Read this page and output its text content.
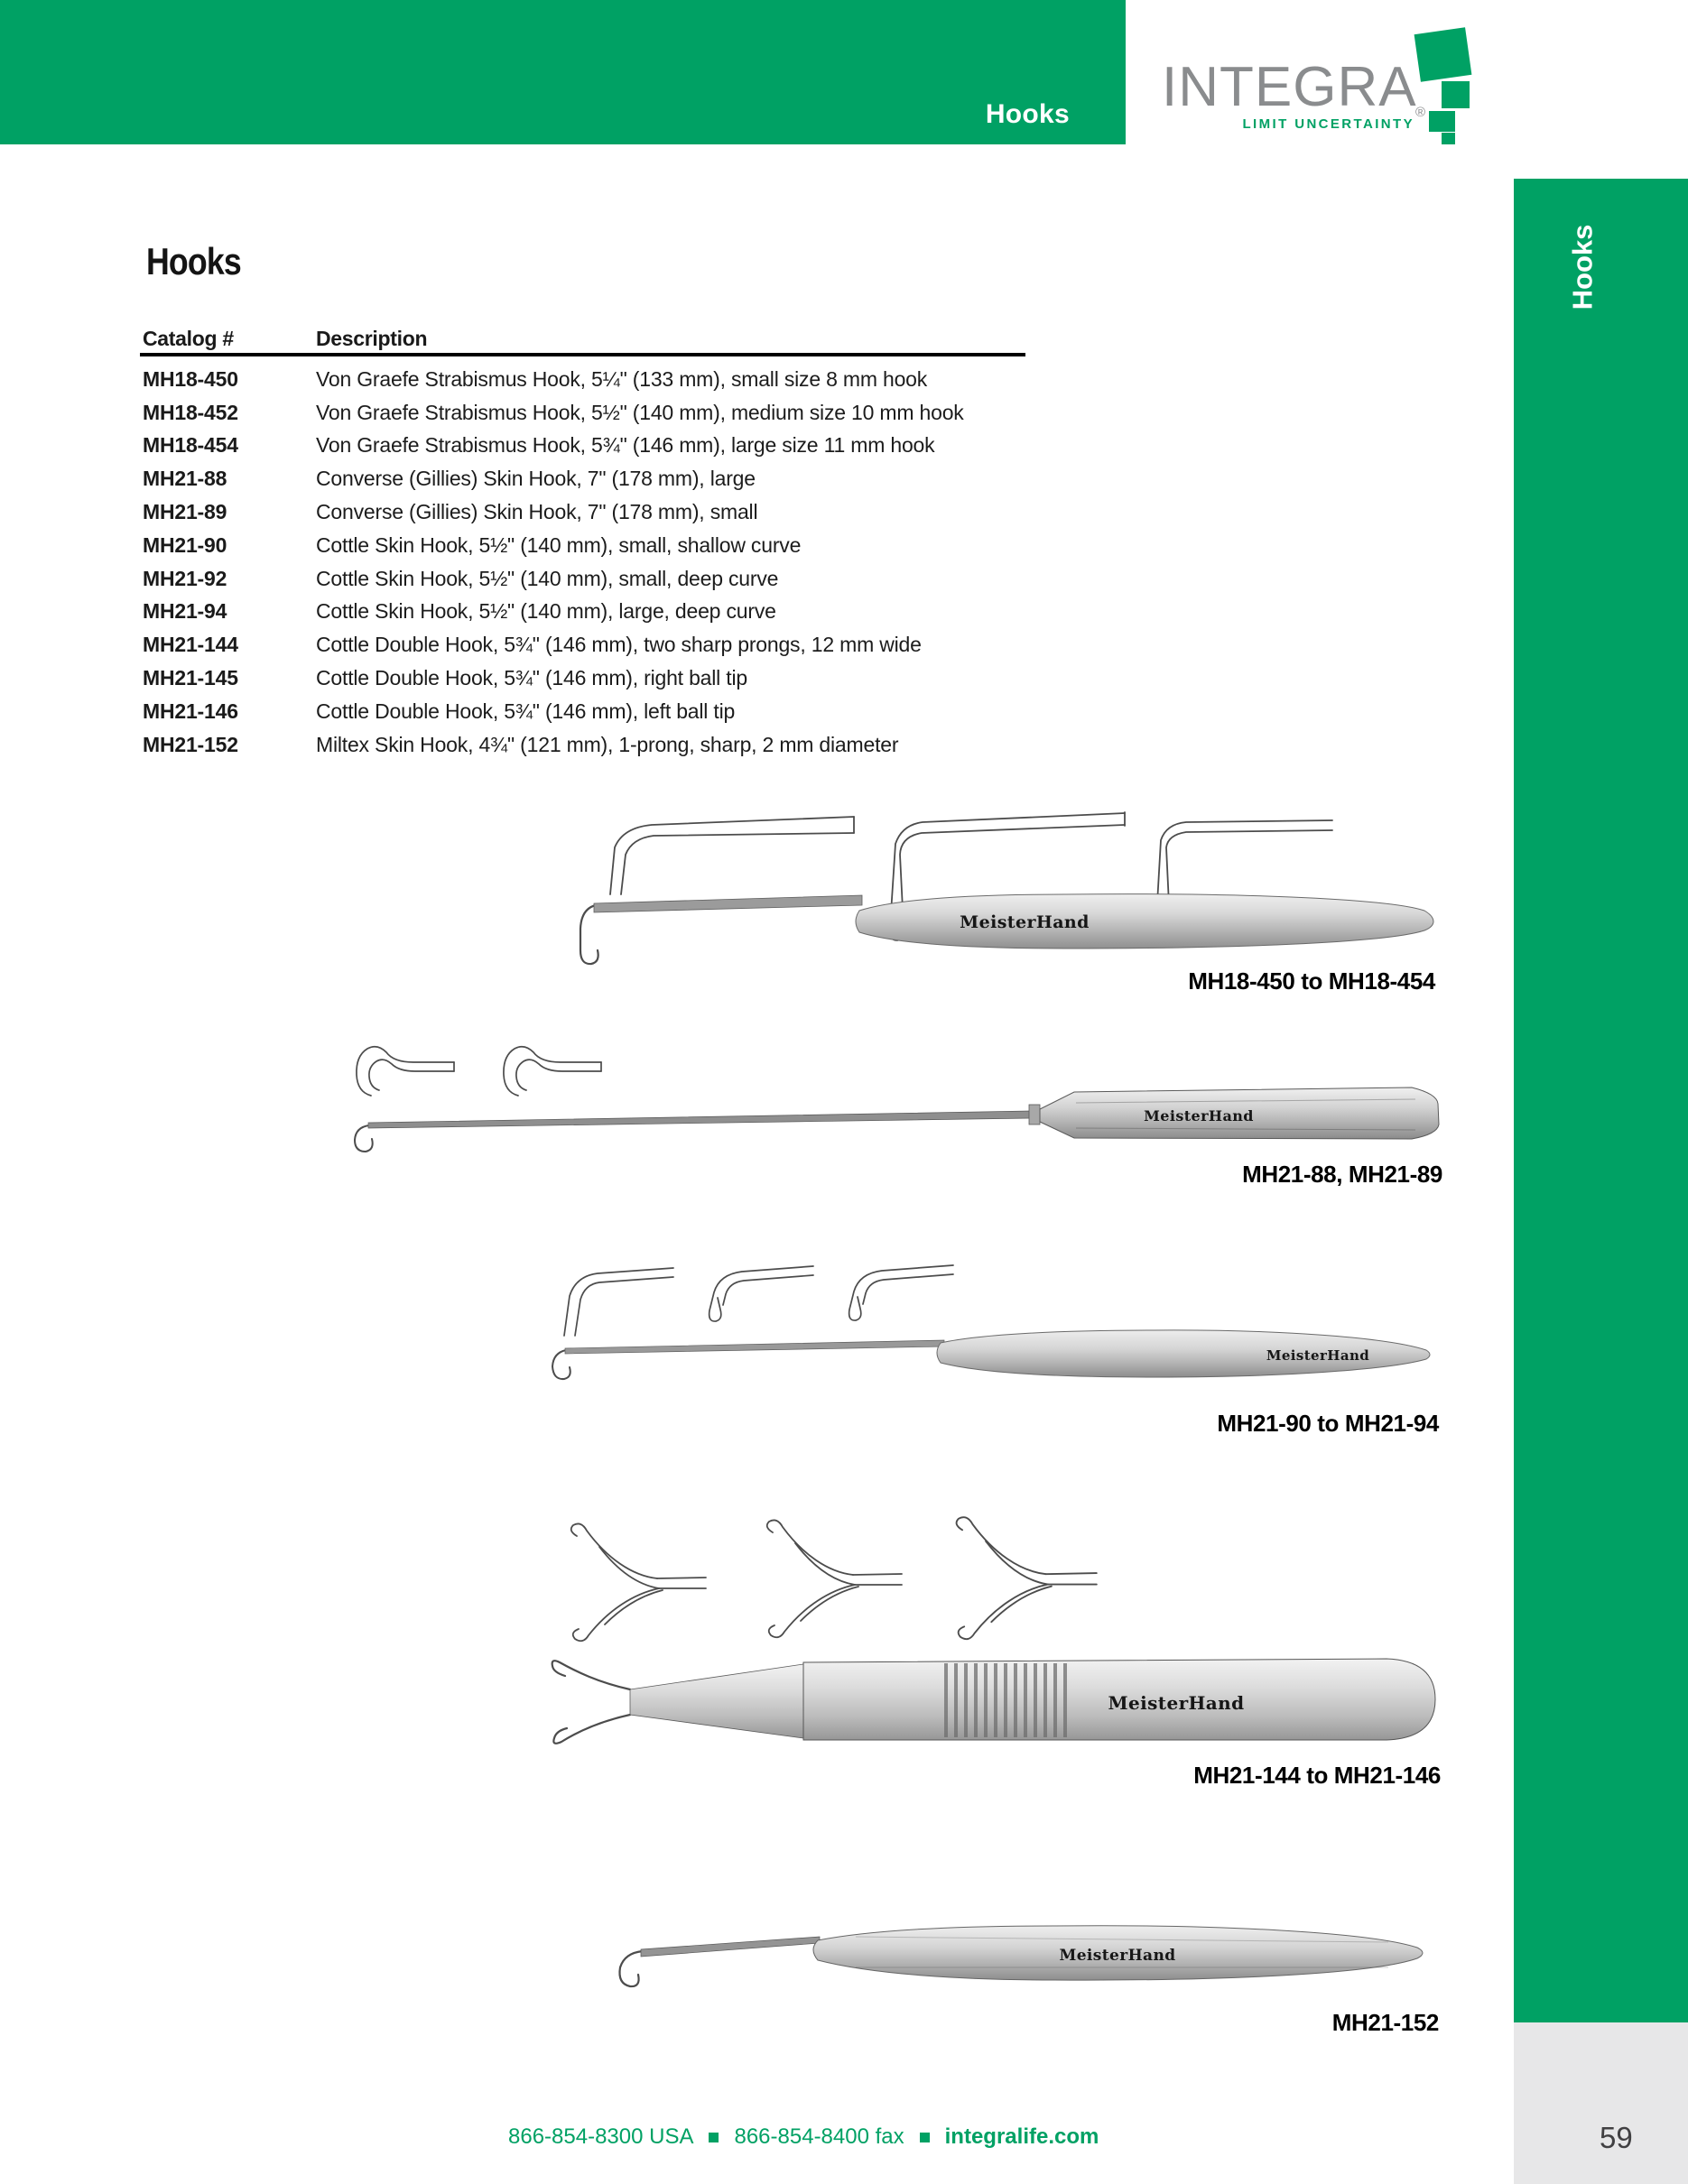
Hooks INTEGRA
®
LIMIT UNCERTAINTY
Hooks
Hooks
Catalog #	Description
MH18-450	Von Graefe Strabismus Hook, 5¼" (133 mm), small size 8 mm hook
MH18-452	Von Graefe Strabismus Hook, 5½" (140 mm), medium size 10 mm hook
MH18-454	Von Graefe Strabismus Hook, 5¾" (146 mm), large size 11 mm hook
MH21-88	Converse (Gillies) Skin Hook, 7" (178 mm), large
MH21-89	Converse (Gillies) Skin Hook, 7" (178 mm), small
MH21-90	Cottle Skin Hook, 5½" (140 mm), small, shallow curve
MH21-92	Cottle Skin Hook, 5½" (140 mm), small, deep curve
MH21-94	Cottle Skin Hook, 5½" (140 mm), large, deep curve
MH21-144	Cottle Double Hook, 5¾" (146 mm), two sharp prongs, 12 mm wide
MH21-145	Cottle Double Hook, 5¾" (146 mm), right ball tip
MH21-146	Cottle Double Hook, 5¾" (146 mm), left ball tip
MH21-152	Miltex Skin Hook, 4¾" (121 mm), 1-prong, sharp, 2 mm diameter
MeisterHand
MH18-450 to MH18-454
MeisterHand
MH21-88, MH21-89
MeisterHand
MH21-90 to MH21-94
MeisterHand
MH21-144 to MH21-146
MeisterHand
MH21-152
866-854-8300 USA 866-854-8400 fax integralife.com	59
